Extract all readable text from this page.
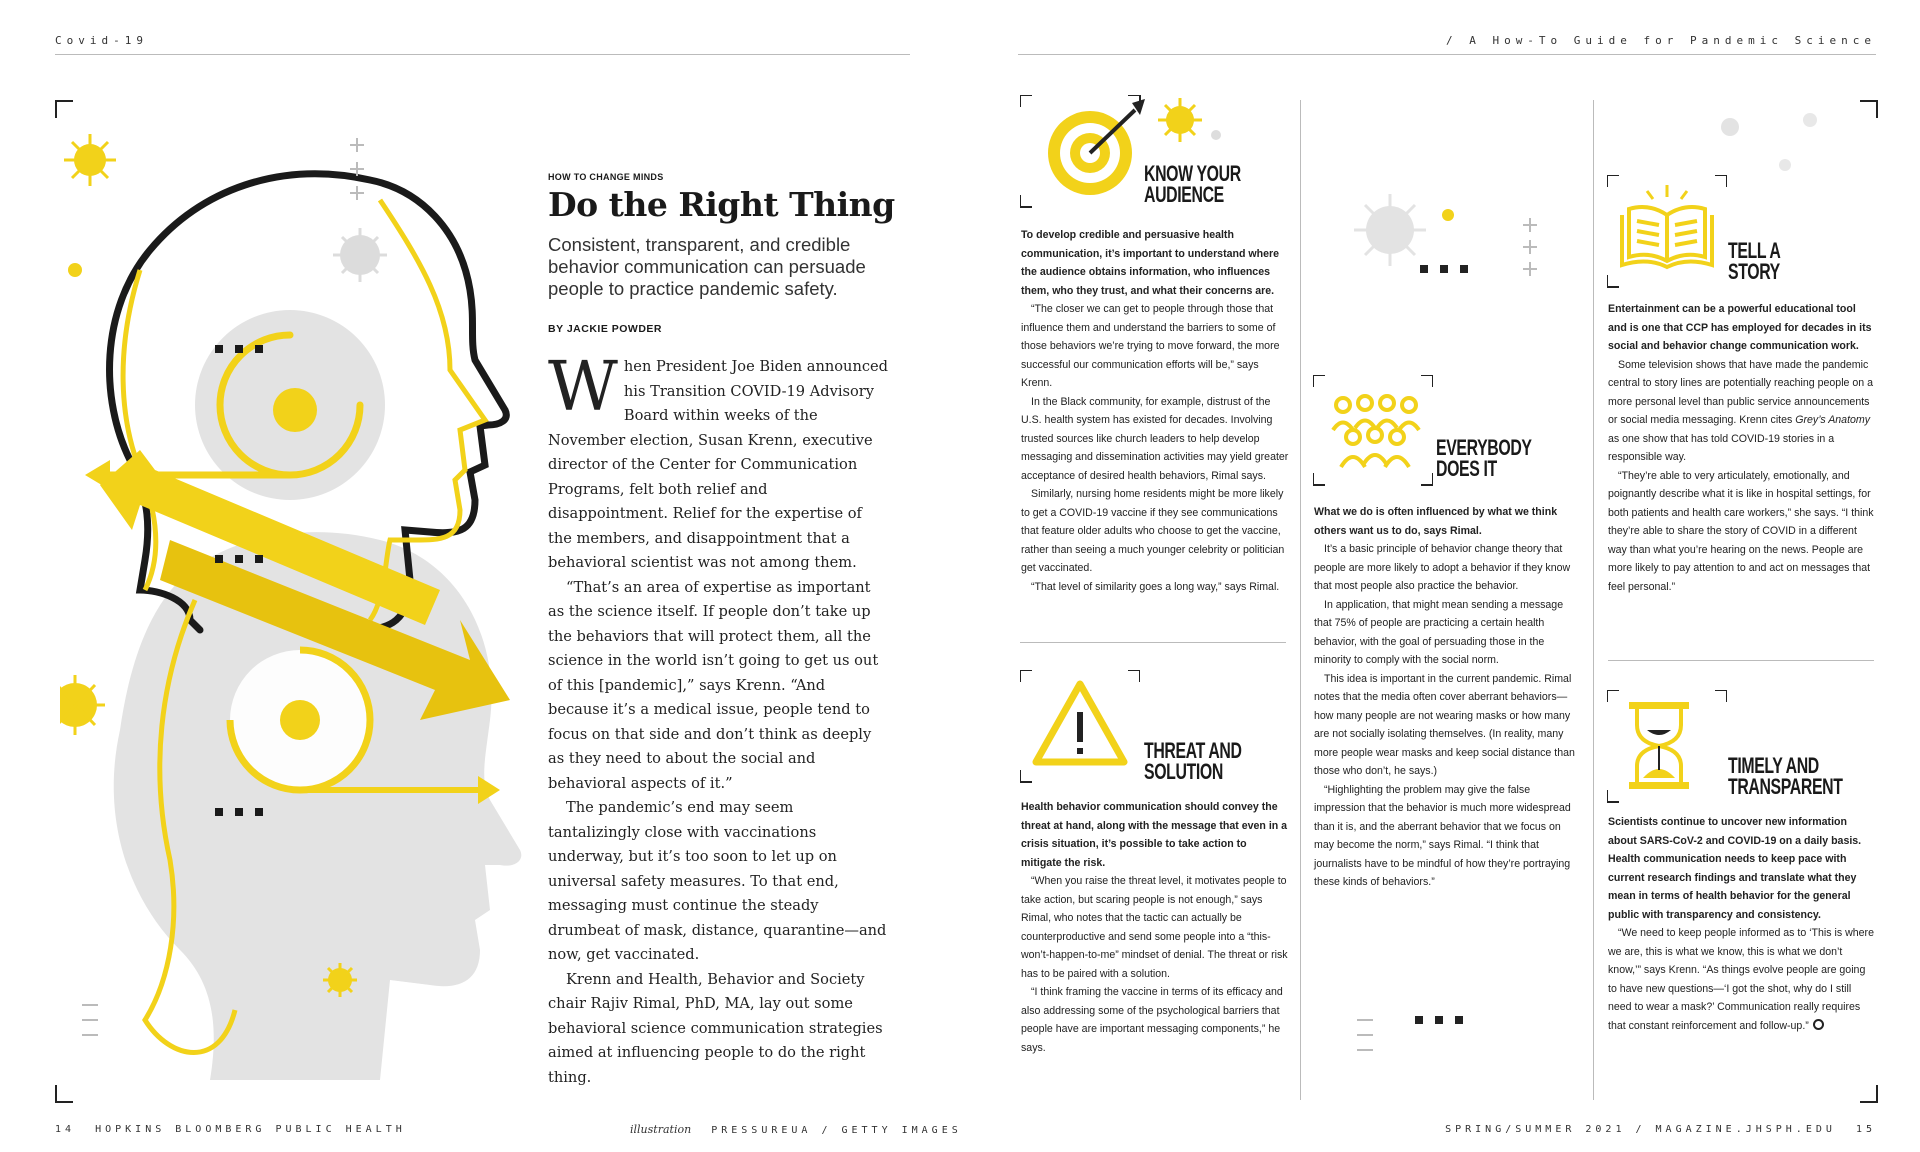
Covid-19	/ A How-To Guide for Pandemic Science
HOW TO CHANGE MINDS
Do the Right Thing
Consistent, transparent, and credible behavior communication can persuade people to practice pandemic safety.
BY JACKIE POWDER

When President Joe Biden announced his Transition COVID-19 Advisory Board within weeks of the November election, Susan Krenn, executive director of the Center for Communication Programs, felt both relief and disappointment. Relief for the expertise of the members, and disappointment that a behavioral scientist was not among them.

“That’s an area of expertise as important as the science itself. If people don’t take up the behaviors that will protect them, all the science in the world isn’t going to get us out of this [pandemic],” says Krenn. “And because it’s a medical issue, people tend to focus on that side and don’t think as deeply as they need to about the social and behavioral aspects of it.”

The pandemic’s end may seem tantalizingly close with vaccinations underway, but it’s too soon to let up on universal safety measures. To that end, messaging must continue the steady drumbeat of mask, distance, quarantine—and now, get vaccinated.

Krenn and Health, Behavior and Society chair Rajiv Rimal, PhD, MA, lay out some behavioral science communication strategies aimed at influencing people to do the right thing.

14 HOPKINS BLOOMBERG PUBLIC HEALTH	illustration PRESSUREUA / GETTY IMAGES	SPRING/SUMMER 2021 / MAGAZINE.JHSPH.EDU 15
KNOW YOUR
AUDIENCE

To develop credible and persuasive health communication, it’s important to understand where the audience obtains information, who influences them, who they trust, and what their concerns are.

“The closer we can get to people through those that influence them and understand the barriers to some of those behaviors we’re trying to move forward, the more successful our communication efforts will be,” says Krenn.

In the Black community, for example, distrust of the U.S. health system has existed for decades. Involving trusted sources like church leaders to help develop messaging and dissemination activities may yield greater acceptance of desired health behaviors, Rimal says.

Similarly, nursing home residents might be more likely to get a COVID-19 vaccine if they see communications that feature older adults who choose to get the vaccine, rather than seeing a much younger celebrity or politician get vaccinated.

“That level of similarity goes a long way,” says Rimal.

THREAT AND
SOLUTION

Health behavior communication should convey the threat at hand, along with the message that even in a crisis situation, it’s possible to take action to mitigate the risk.

“When you raise the threat level, it motivates people to take action, but scaring people is not enough,” says Rimal, who notes that the tactic can actually be counterproductive and send some people into a “this-won’t-happen-to-me” mindset of denial. The threat or risk has to be paired with a solution.

“I think framing the vaccine in terms of its efficacy and also addressing some of the psychological barriers that people have are important messaging components,” he says.

EVERYBODY
DOES IT

What we do is often influenced by what we think others want us to do, says Rimal.

It’s a basic principle of behavior change theory that people are more likely to adopt a behavior if they know that most people also practice the behavior.

In application, that might mean sending a message that 75% of people are practicing a certain health behavior, with the goal of persuading those in the minority to comply with the social norm.

This idea is important in the current pandemic. Rimal notes that the media often cover aberrant behaviors—how many people are not wearing masks or how many are not socially isolating themselves. (In reality, many more people wear masks and keep social distance than those who don’t, he says.)

“Highlighting the problem may give the false impression that the behavior is much more widespread than it is, and the aberrant behavior that we focus on may become the norm,” says Rimal. “I think that journalists have to be mindful of how they’re portraying these kinds of behaviors.”

TELL A
STORY

Entertainment can be a powerful educational tool and is one that CCP has employed for decades in its social and behavior change communication work.

Some television shows that have made the pandemic central to story lines are potentially reaching people on a more personal level than public service announcements or social media messaging. Krenn cites Grey’s Anatomy as one show that has told COVID-19 stories in a responsible way.

“They’re able to very articulately, emotionally, and poignantly describe what it is like in hospital settings, for both patients and health care workers,” she says. “I think they’re able to share the story of COVID in a different way than what you’re hearing on the news. People are more likely to pay attention to and act on messages that feel personal.”

TIMELY AND
TRANSPARENT

Scientists continue to uncover new information about SARS-CoV-2 and COVID-19 on a daily basis. Health communication needs to keep pace with current research findings and translate what they mean in terms of health behavior for the general public with transparency and consistency.

“We need to keep people informed as to ‘This is where we are, this is what we know, this is what we don’t know,’” says Krenn. “As things evolve people are going to have new questions—‘I got the shot, why do I still need to wear a mask?’ Communication really requires that constant reinforcement and follow-up.”
